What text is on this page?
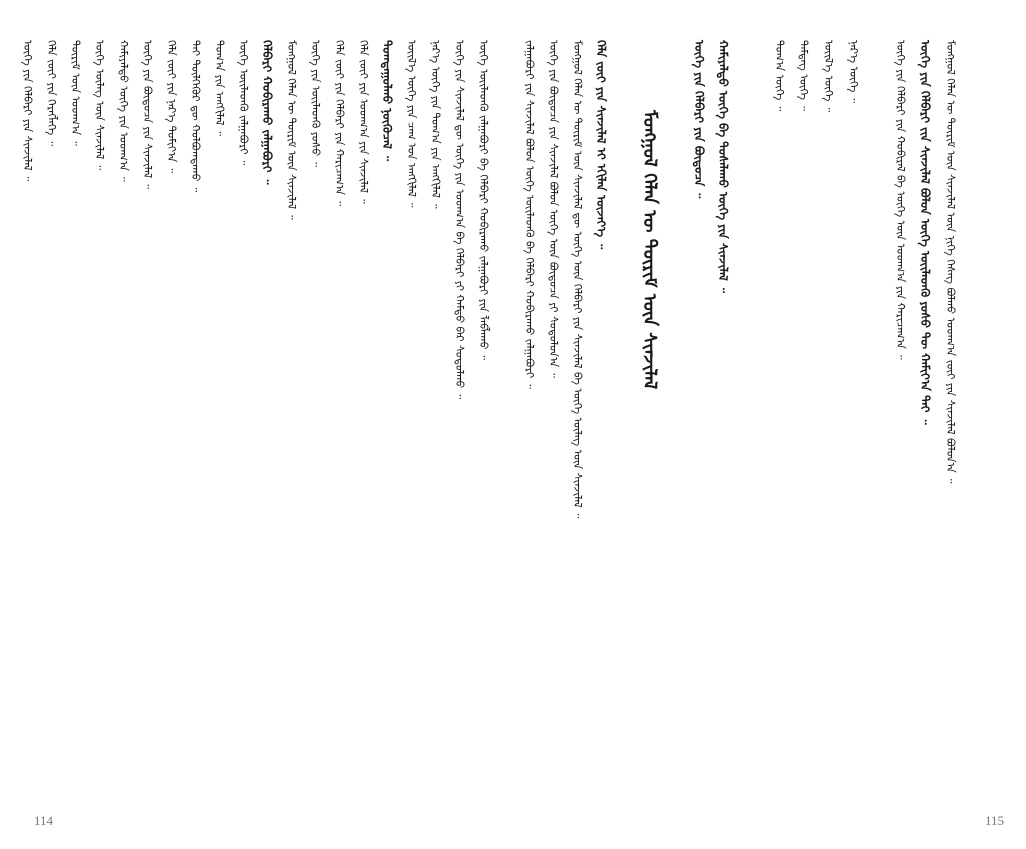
ᠮᠣᠩᠭᠣᠯ ᠬᠡᠯᠡᠨ ᠦ ᠳᠦᠷᠢᠮ ᠦᠨ ᠰᠢᠨᠵᠢᠯᠡᠯ ᠦᠨ ᠨᠢᠭᠡ ᠬᠡᠰᠡᠭ ᠪᠣᠯᠬᠤ ᠤᠳᠬ᠎ᠠ ᠵᠦᠢ ᠶᠢᠨ ᠰᠢᠨᠵᠢᠯᠡᠯ ᠪᠣᠯᠤᠨ᠎ᠠ ᠃
ᠦᠭᠡ ᠶᠢᠨ ᠬᠡᠯᠪᠡᠷᠢ ᠵᠢᠨ ᠰᠢᠨᠵᠢᠯᠡᠯ ᠪᠣᠯᠤᠨ ᠦᠭᠡ ᠦᠢᠯᠡᠳᠬᠦ ᠶᠣᠰᠣ ᠲᠦ ᠬᠠᠮᠢᠶ᠎ᠠ ᠲᠠᠢ ᠃
ᠦᠭᠡ ᠶᠢᠨ ᠬᠡᠯᠪᠡᠷᠢ ᠶᠢᠨ ᠬᠤᠪᠢᠷᠠᠯ ᠪᠠ ᠦᠭᠡ ᠦᠨ ᠤᠳᠬ᠎ᠠ ᠶᠢᠨ ᠬᠠᠷᠢᠴᠠᠭ᠎ᠠ ᠃
ᠨᠡᠷ᠎ᠡ ᠦᠭᠡ ᠃
ᠦᠢᠯ᠎ᠡ ᠦᠭᠡ ᠃
ᠲᠡᠮᠳᠡᠭ ᠦᠭᠡ ᠃
ᠲᠣᠭ᠎ᠠ ᠦᠭᠡ ᠃
ᠬᠠᠮᠢᠶᠠᠯᠲᠤ ᠦᠭᠡ ᠪᠠ ᠲᠤᠰᠠᠯᠠᠬᠤ ᠦᠭᠡ ᠶᠢᠨ ᠰᠢᠨᠵᠢᠯᠡᠯ ᠃
ᠦᠭᠡ ᠶᠢᠨ ᠬᠡᠯᠪᠡᠷᠢ ᠶᠢᠨ ᠪᠦᠲᠦᠴᠡ ᠃
ᠮᠣᠩᠭᠣᠯ ᠬᠡᠯᠡᠨ ᠦ ᠳᠦᠷᠢᠮ ᠦᠨ ᠰᠢᠨᠵᠢᠯᠡᠯ
ᠬᠡᠯᠡ ᠵᠦᠢ ᠶᠢᠨ ᠰᠢᠨᠵᠢᠯᠡᠯ ᠢ ᠡᠬᠢᠯᠡᠨ ᠦᠵᠡᠶ᠎ᠡ ᠃
ᠮᠣᠩᠭᠣᠯ ᠬᠡᠯᠡᠨ ᠦ ᠳᠦᠷᠢᠮ ᠦᠨ ᠰᠢᠨᠵᠢᠯᠡᠯ ᠳᠦ ᠦᠭᠡ ᠦᠨ ᠬᠡᠯᠪᠡᠷᠢ ᠶᠢᠨ ᠰᠢᠨᠵᠢᠯᠡᠯ ᠪᠠ ᠦᠭᠡ ᠦᠯᠡᠭ ᠦᠨ ᠰᠢᠨᠵᠢᠯᠡᠯ ᠃
ᠦᠭᠡ ᠶᠢᠨ ᠪᠦᠲᠦᠴᠡ ᠶᠢᠨ ᠰᠢᠨᠵᠢᠯᠡᠯ ᠪᠣᠯᠤᠨ ᠦᠭᠡ ᠦᠨ ᠪᠦᠲᠦᠴᠡ ᠶᠢ ᠰᠤᠳᠤᠯᠤᠨ᠎ᠠ ᠃
ᠵᠠᠯᠭᠠᠪᠤᠷᠢ ᠶᠢᠨ ᠰᠢᠨᠵᠢᠯᠡᠯ ᠪᠣᠯᠤᠨ ᠦᠭᠡ ᠦᠢᠯᠡᠳᠬᠦ ᠪᠠ ᠬᠡᠯᠪᠡᠷᠢ ᠬᠤᠪᠢᠷᠠᠬᠤ ᠵᠠᠯᠭᠠᠪᠤᠷᠢ ᠃
ᠦᠭᠡ ᠦᠢᠯᠡᠳᠬᠦ ᠵᠠᠯᠭᠠᠪᠤᠷᠢ ᠪᠠ ᠬᠡᠯᠪᠡᠷᠢ ᠬᠤᠪᠢᠷᠠᠬᠤ ᠵᠠᠯᠭᠠᠪᠤᠷᠢ ᠶᠢᠨ ᠯᠠᠪᠯᠠᠬᠤ ᠃
ᠦᠭᠡ ᠶᠢᠨ ᠰᠢᠨᠵᠢᠯᠡᠯ ᠳᠦ ᠦᠭᠡ ᠶᠢᠨ ᠤᠳᠬ᠎ᠠ ᠪᠠ ᠬᠡᠯᠪᠡᠷᠢ ᠶᠢ ᠬᠠᠮᠲᠤ ᠪᠠᠷ ᠰᠤᠳᠤᠯᠬᠤ ᠃
ᠨᠡᠷ᠎ᠡ ᠦᠭᠡ ᠶᠢᠨ ᠲᠣᠭ᠎ᠠ ᠶᠢᠨ ᠠᠩᠭᠢᠯᠠᠯ ᠃
ᠦᠢᠯ᠎ᠡ ᠦᠭᠡ ᠶᠢᠨ ᠴᠠᠭ ᠤᠨ ᠠᠩᠭᠢᠯᠠᠯ ᠃
ᠲᠣᠭᠲᠠᠭᠤᠯᠬᠤ ᠨᠥᠬᠥᠴᠡᠯ ᠃
ᠬᠡᠯᠡ ᠵᠦᠢ ᠶᠢᠨ ᠤᠳᠬ᠎ᠠ ᠶᠢᠨ ᠰᠢᠨᠵᠢᠯᠡᠯ ᠃
ᠬᠡᠯᠡ ᠵᠦᠢ ᠶᠢᠨ ᠬᠡᠯᠪᠡᠷᠢ ᠶᠢᠨ ᠬᠠᠷᠢᠴᠠᠭ᠎ᠠ ᠃
ᠦᠭᠡ ᠶᠢᠨ ᠦᠢᠯᠡᠳᠬᠦ ᠶᠣᠰᠣ ᠃
ᠮᠣᠩᠭᠣᠯ ᠬᠡᠯᠡᠨ ᠦ ᠳᠦᠷᠢᠮ ᠦᠨ ᠰᠢᠨᠵᠢᠯᠡᠯ ᠃
ᠬᠡᠯᠪᠡᠷᠢ ᠬᠤᠪᠢᠷᠠᠬᠤ ᠵᠠᠯᠭᠠᠪᠤᠷᠢ ᠃
ᠦᠭᠡ ᠦᠢᠯᠡᠳᠬᠦ ᠵᠠᠯᠭᠠᠪᠤᠷᠢ ᠃
ᠲᠣᠭ᠎ᠠ ᠶᠢᠨ ᠠᠩᠭᠢᠯᠠᠯ ᠃
ᠲᠡᠢ ᠲᠦᠯᠭᠡᠭᠦᠷ ᠳᠦ ᠬᠣᠯᠪᠤᠭᠳᠠᠬᠤ ᠃
ᠬᠡᠯᠡ ᠵᠦᠢ ᠶᠢᠨ ᠨᠡᠷ᠎ᠡ ᠲᠣᠮᠢᠶ᠎ᠠ ᠃
ᠦᠭᠡ ᠶᠢᠨ ᠪᠦᠲᠦᠴᠡ ᠶᠢᠨ ᠰᠢᠨᠵᠢᠯᠡᠯ ᠃
ᠬᠠᠮᠢᠶᠠᠯᠲᠤ ᠦᠭᠡ ᠶᠢᠨ ᠤᠳᠬ᠎ᠠ ᠃
ᠦᠭᠡ ᠦᠯᠡᠭ ᠦᠨ ᠰᠢᠨᠵᠢᠯᠡᠯ ᠃
ᠳᠦᠷᠢᠮ ᠦᠨ ᠤᠳᠬ᠎ᠠ ᠃
ᠬᠡᠯᠡ ᠵᠦᠢ ᠶᠢᠨ ᠬᠡᠷᠡᠭᠯᠡᠭᠡ ᠃
ᠦᠭᠡ ᠶᠢᠨ ᠬᠡᠯᠪᠡᠷᠢ ᠶᠢᠨ ᠰᠢᠨᠵᠢᠯᠡᠯ ᠃
114	115
